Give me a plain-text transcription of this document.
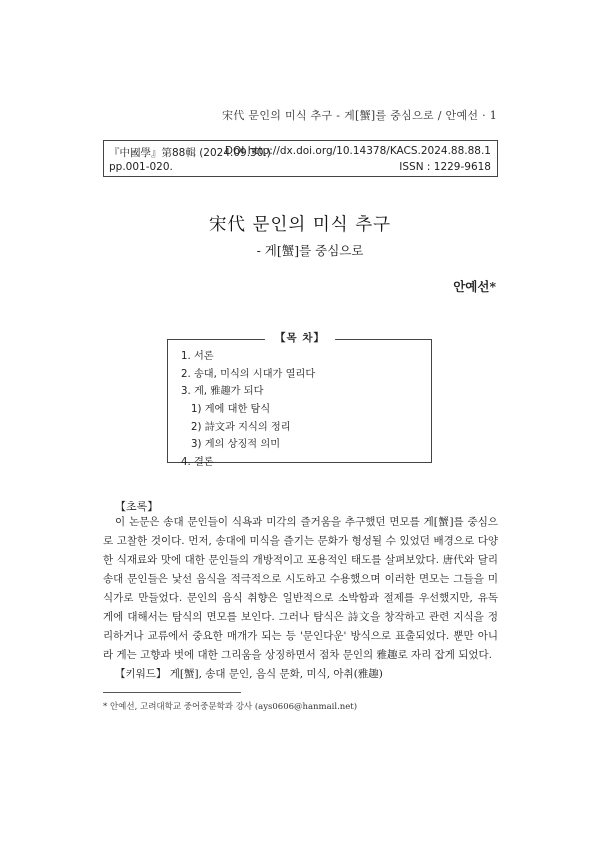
宋代 문인의 미식 추구 - 게[蟹]를 중심으로 / 안예선 · 1
『中國學』第88輯 (2024.09.30.)
DOI http://dx.doi.org/10.14378/KACS.2024.88.88.1
pp.001-020.	ISSN : 1229-9618
宋代 문인의 미식 추구
- 게[蟹]를 중심으로
안예선*
【목 차】
1. 서론
2. 송대, 미식의 시대가 열리다
3. 게, 雅趣가 되다
1) 게에 대한 탐식
2) 詩文과 지식의 정리
3) 게의 상징적 의미
4. 결론
【초록】

이 논문은 송대 문인들이 식욕과 미각의 즐거움을 추구했던 면모를 게[蟹]를 중심으로 고찰한 것이다. 먼저, 송대에 미식을 즐기는 문화가 형성될 수 있었던 배경으로 다양한 식재료와 맛에 대한 문인들의 개방적이고 포용적인 태도를 살펴보았다. 唐代와 달리 송대 문인들은 낯선 음식을 적극적으로 시도하고 수용했으며 이러한 면모는 그들을 미식가로 만들었다. 문인의 음식 취향은 일반적으로 소박함과 절제를 우선했지만, 유독 게에 대해서는 탐식의 면모를 보인다. 그러나 탐식은 詩文을 창작하고 관련 지식을 정리하거나 교류에서 중요한 매개가 되는 등 '문인다운' 방식으로 표출되었다. 뿐만 아니라 게는 고향과 벗에 대한 그리움을 상징하면서 점차 문인의 雅趣로 자리 잡게 되었다.

【키워드】 게[蟹], 송대 문인, 음식 문화, 미식, 아취(雅趣)
* 안예선, 고려대학교 중어중문학과 강사 (ays0606@hanmail.net)
